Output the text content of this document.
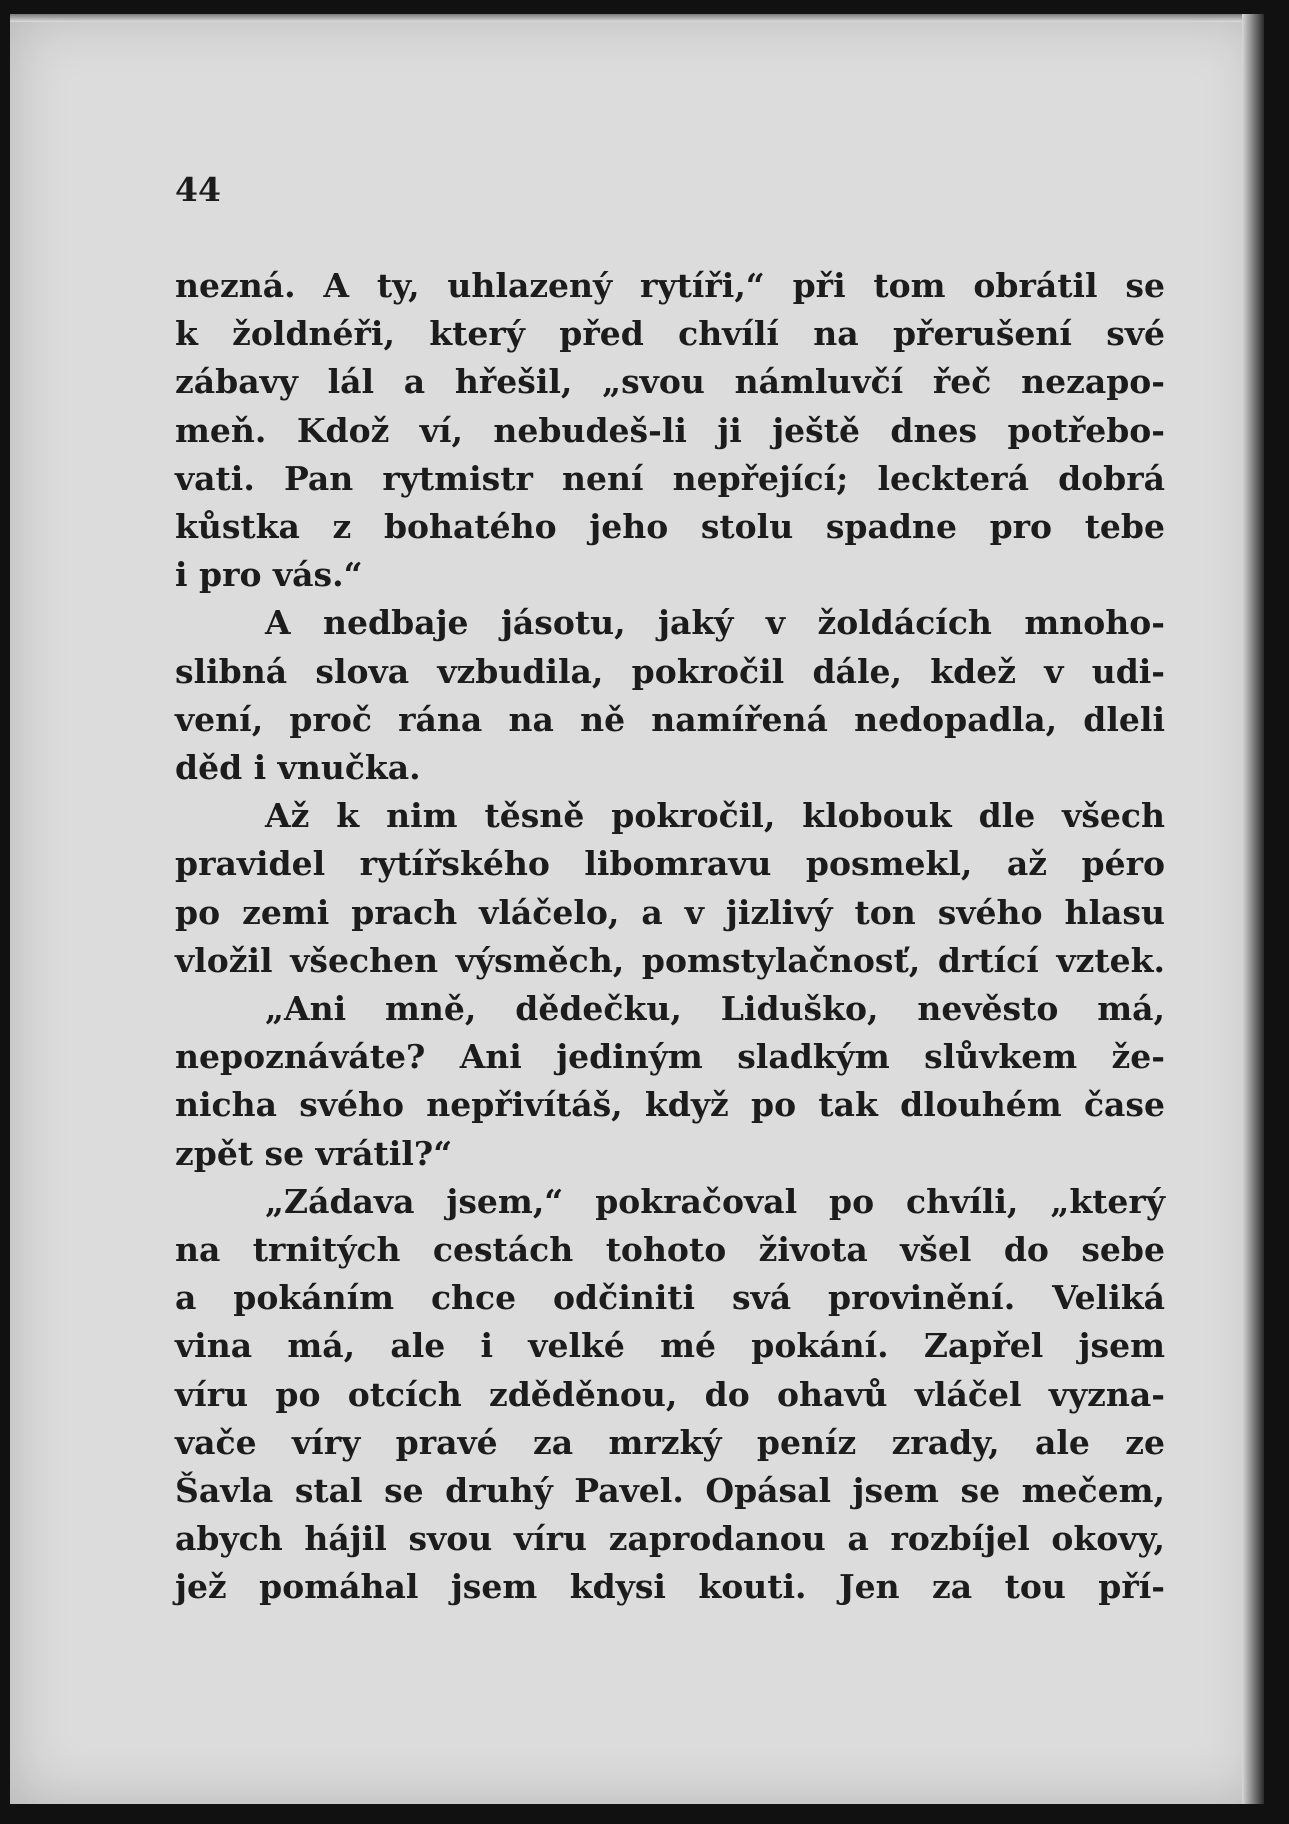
44
nezná. A ty, uhlazený rytíři,“ při tom obrátil se
k žoldnéři, který před chvílí na přerušení své
zábavy lál a hřešil, „svou námluvčí řeč nezapo-
meň. Kdož ví, nebudeš-li ji ještě dnes potřebo-
vati. Pan rytmistr není nepřející; leckterá dobrá
kůstka z bohatého jeho stolu spadne pro tebe
i pro vás.“
A nedbaje jásotu, jaký v žoldácích mnoho-
slibná slova vzbudila, pokročil dále, kdež v udi-
vení, proč rána na ně namířená nedopadla, dleli
děd i vnučka.
Až k nim těsně pokročil, klobouk dle všech
pravidel rytířského libomravu posmekl, až péro
po zemi prach vláčelo, a v jizlivý ton svého hlasu
vložil všechen výsměch, pomstylačnosť, drtící vztek.
„Ani mně, dědečku, Liduško, nevěsto má,
nepoznáváte? Ani jediným sladkým slůvkem že-
nicha svého nepřivítáš, když po tak dlouhém čase
zpět se vrátil?“
„Zádava jsem,“ pokračoval po chvíli, „který
na trnitých cestách tohoto života všel do sebe
a pokáním chce odčiniti svá provinění. Veliká
vina má, ale i velké mé pokání. Zapřel jsem
víru po otcích zděděnou, do ohavů vláčel vyzna-
vače víry pravé za mrzký peníz zrady, ale ze
Šavla stal se druhý Pavel. Opásal jsem se mečem,
abych hájil svou víru zaprodanou a rozbíjel okovy,
jež pomáhal jsem kdysi kouti. Jen za tou pří-
